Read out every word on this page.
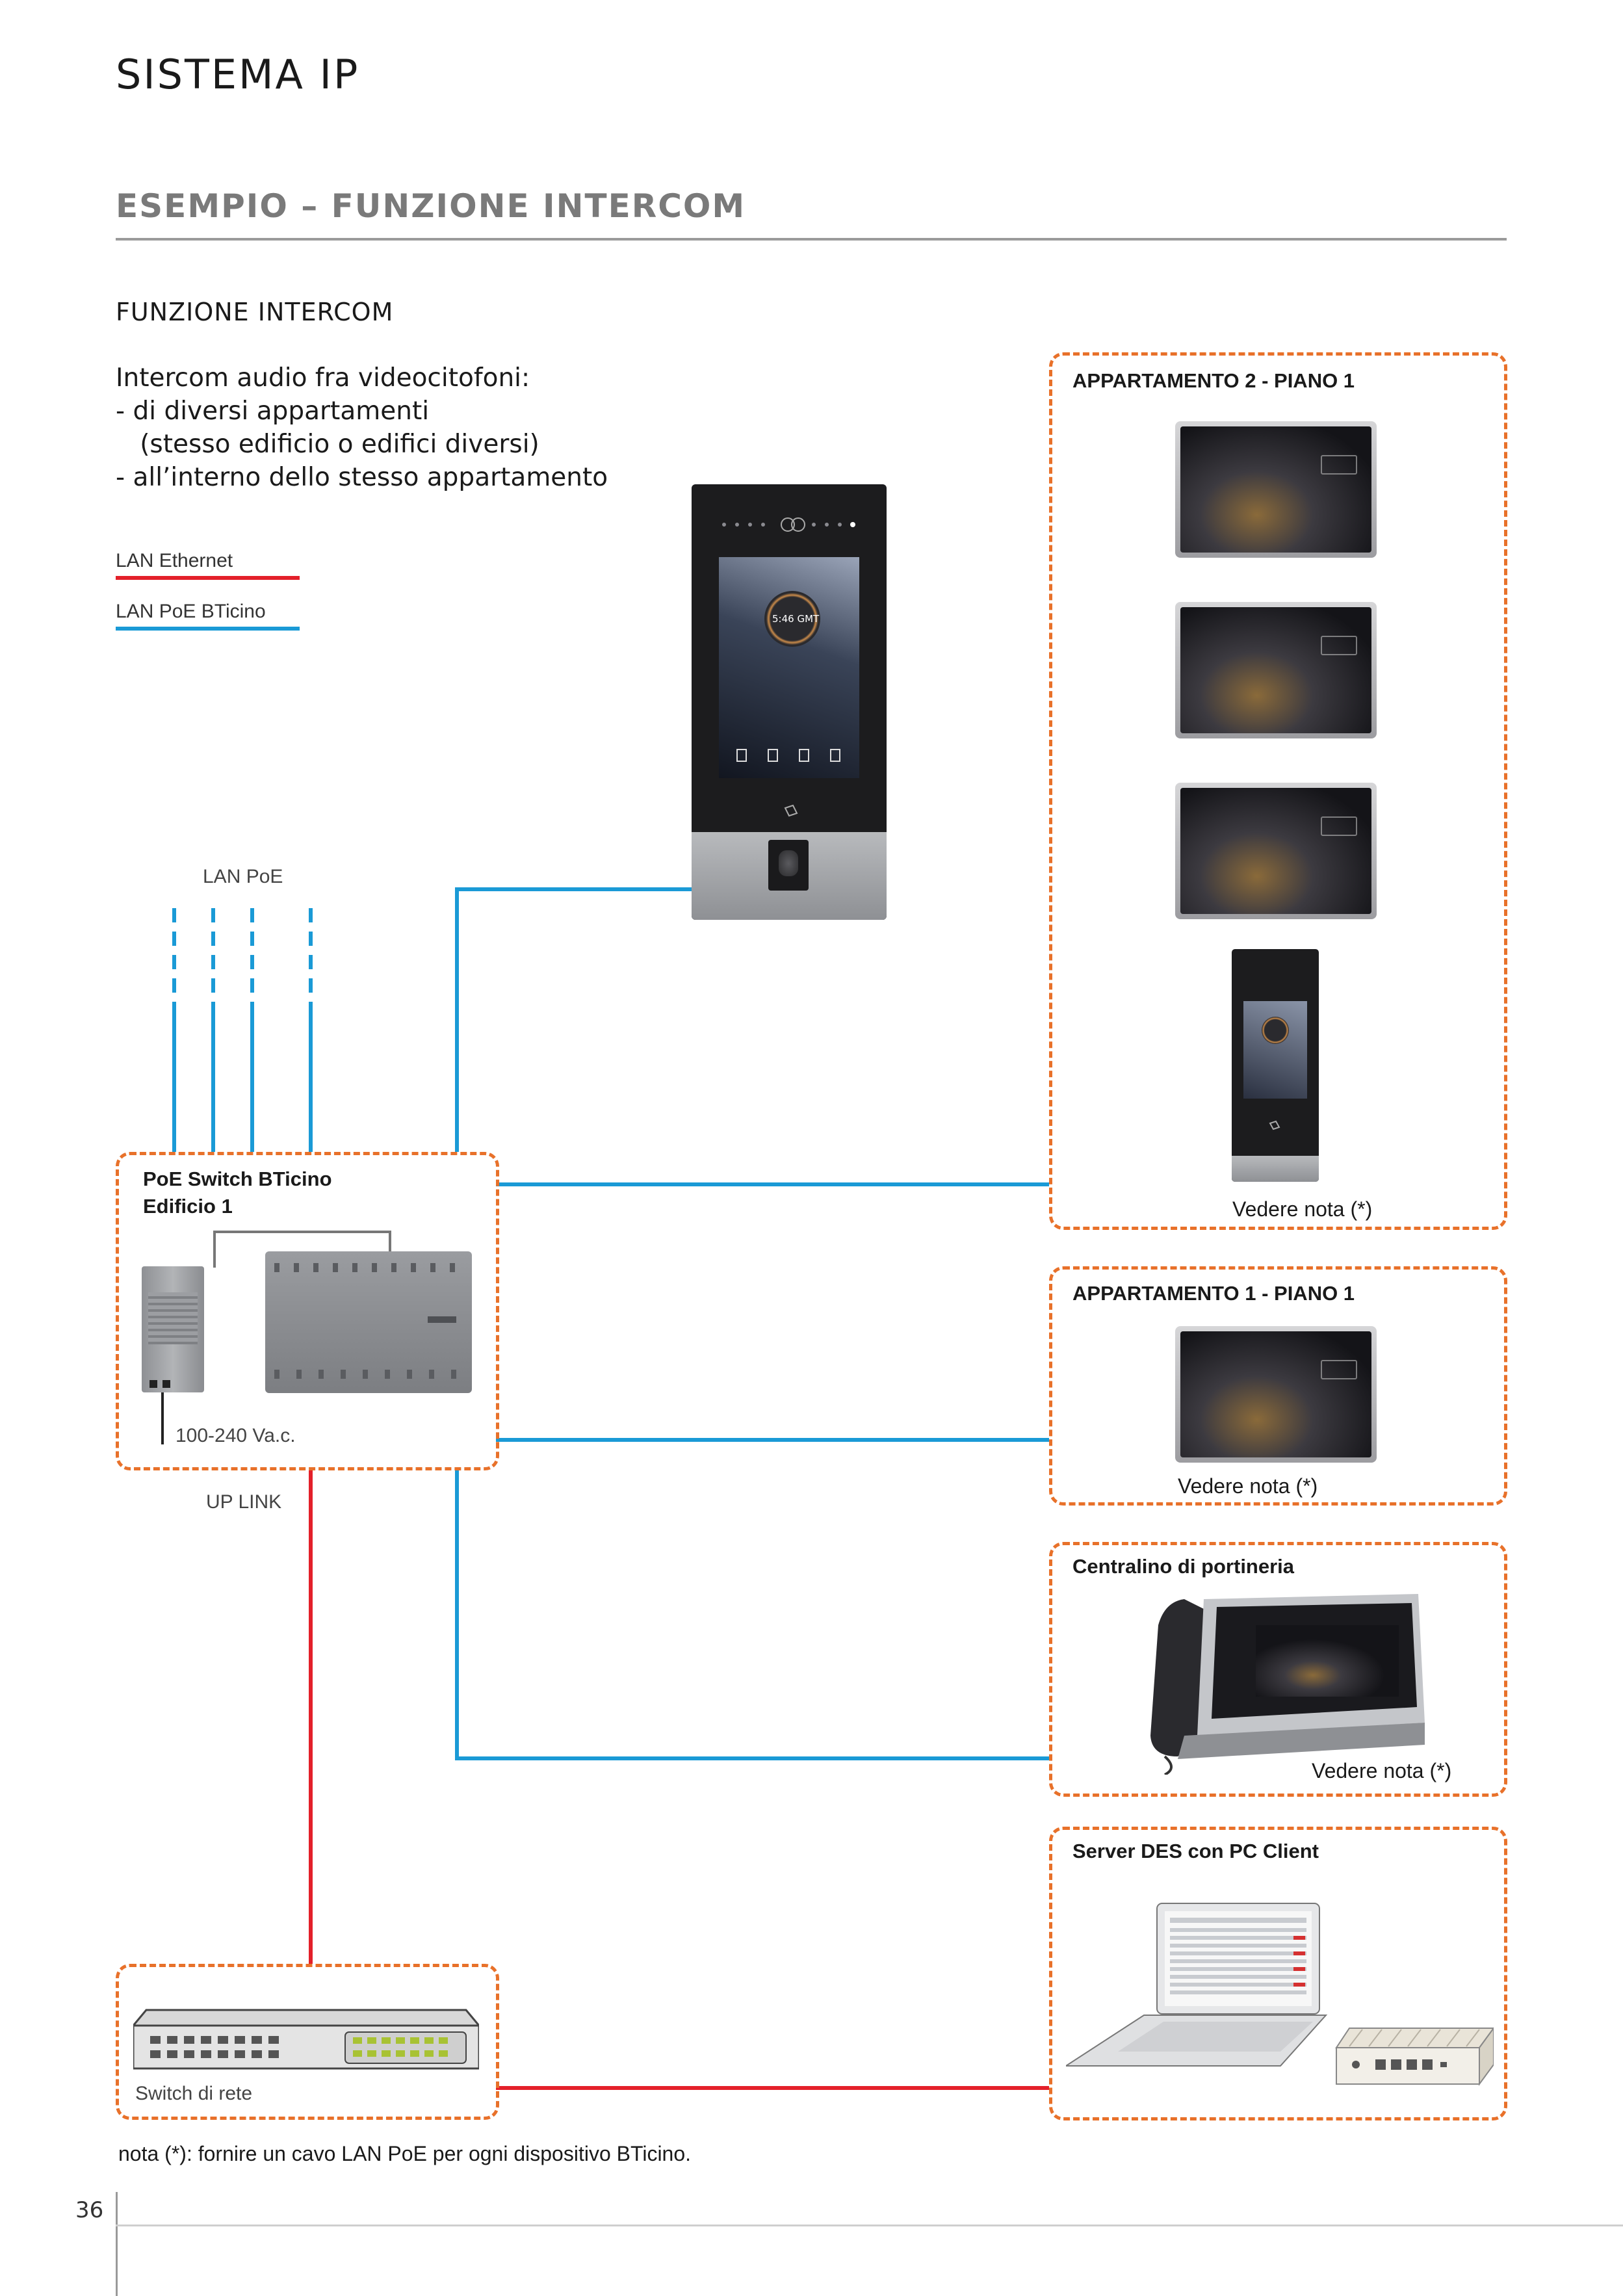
SISTEMA IP
ESEMPIO – FUNZIONE INTERCOM
FUNZIONE INTERCOM
Intercom audio fra videocitofoni:
- di diversi appartamenti
(stesso edificio o edifici diversi)
- all’interno dello stesso appartamento
LAN Ethernet
LAN PoE BTicino
LAN PoE
UP LINK
5:46 GMT
PoE Switch BTicino
Edificio 1
100-240 Va.c.
Switch di rete
APPARTAMENTO 2 - PIANO 1
Vedere nota (*)
APPARTAMENTO 1 - PIANO 1
Vedere nota (*)
Centralino di portineria
Vedere nota (*)
Server DES con PC Client
nota (*): fornire un cavo LAN PoE per ogni dispositivo BTicino.
36
